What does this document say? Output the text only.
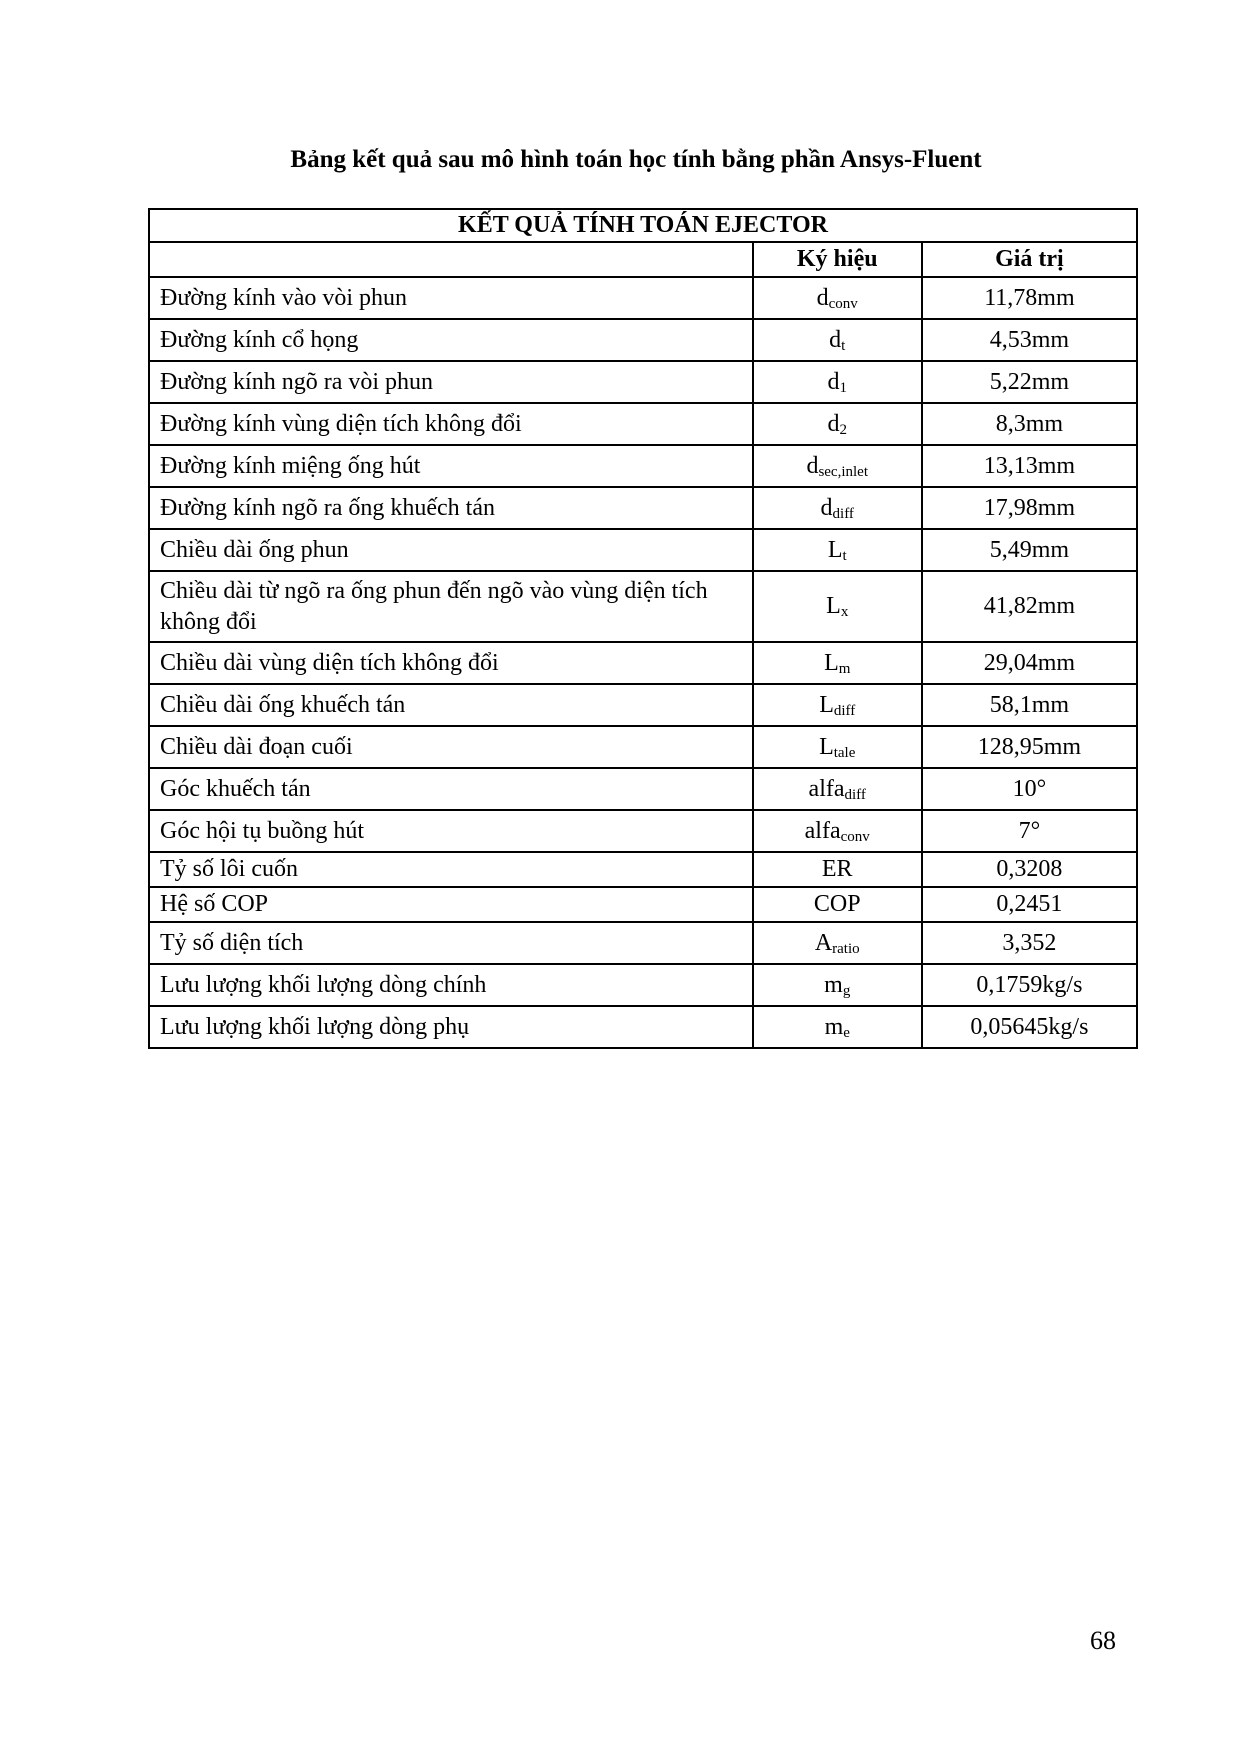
Bảng kết quả sau mô hình toán học tính bằng phần Ansys-Fluent
KẾT QUẢ TÍNH TOÁN EJECTOR		
	Ký hiệu	Giá trị
Đường kính vào vòi phun	$d_{conv}$	11,78mm
Đường kính cổ họng	$d_t$	4,53mm
Đường kính ngõ ra vòi phun	$d_1$	5,22mm
Đường kính vùng diện tích không đổi	$d_2$	8,3mm
Đường kính miệng ống hút	$d_{sec,inlet}$	13,13mm
Đường kính ngõ ra ống khuếch tán	$d_{diff}$	17,98mm
Chiều dài ống phun	$L_t$	5,49mm
Chiều dài từ ngõ ra ống phun đến ngõ vào vùng diện tích không đổi	$L_x$	41,82mm
Chiều dài vùng diện tích không đổi	$L_m$	29,04mm
Chiều dài ống khuếch tán	$L_{diff}$	58,1mm
Chiều dài đoạn cuối	$L_{tale}$	128,95mm
Góc khuếch tán	alfa$_{diff}$	10°
Góc hội tụ buồng hút	alfa$_{conv}$	7°
Tỷ số lôi cuốn	ER	0,3208
Hệ số COP	COP	0,2451
Tỷ số diện tích	$A_{ratio}$	3,352
Lưu lượng khối lượng dòng chính	$m_g$	0,1759kg/s
Lưu lượng khối lượng dòng phụ	$m_e$	0,05645kg/s
68
